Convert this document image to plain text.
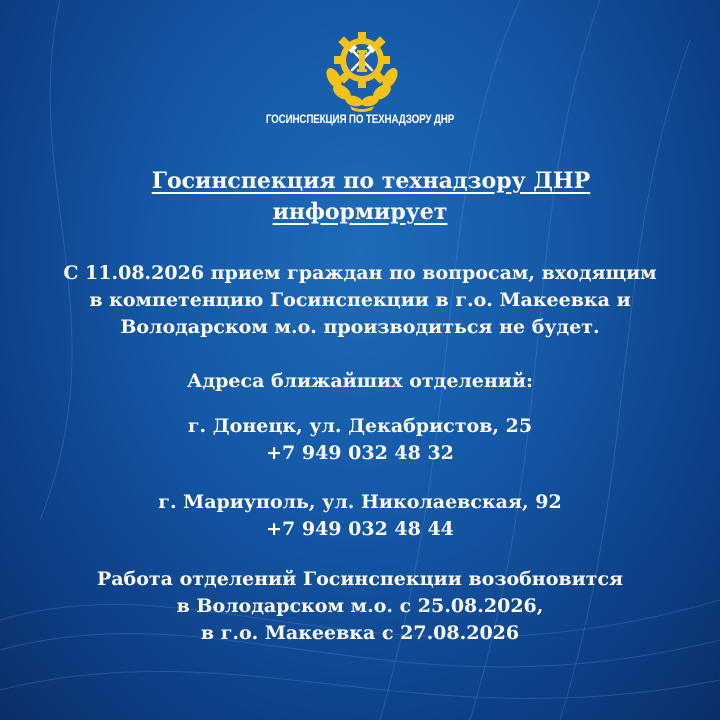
ГОСИНСПЕКЦИЯ ПО ТЕХНАДЗОРУ ДНР
Госинспекция по технадзору ДНР
информирует
С 11.08.2026 прием граждан по вопросам, входящим
в компетенцию Госинспекции в г.о. Макеевка и
Володарском м.о. производиться не будет.
Адреса ближайших отделений:
г. Донецк, ул. Декабристов, 25
+7 949 032 48 32
г. Мариуполь, ул. Николаевская, 92
+7 949 032 48 44
Работа отделений Госинспекции возобновится
в Володарском м.о. с 25.08.2026,
в г.о. Макеевка с 27.08.2026
